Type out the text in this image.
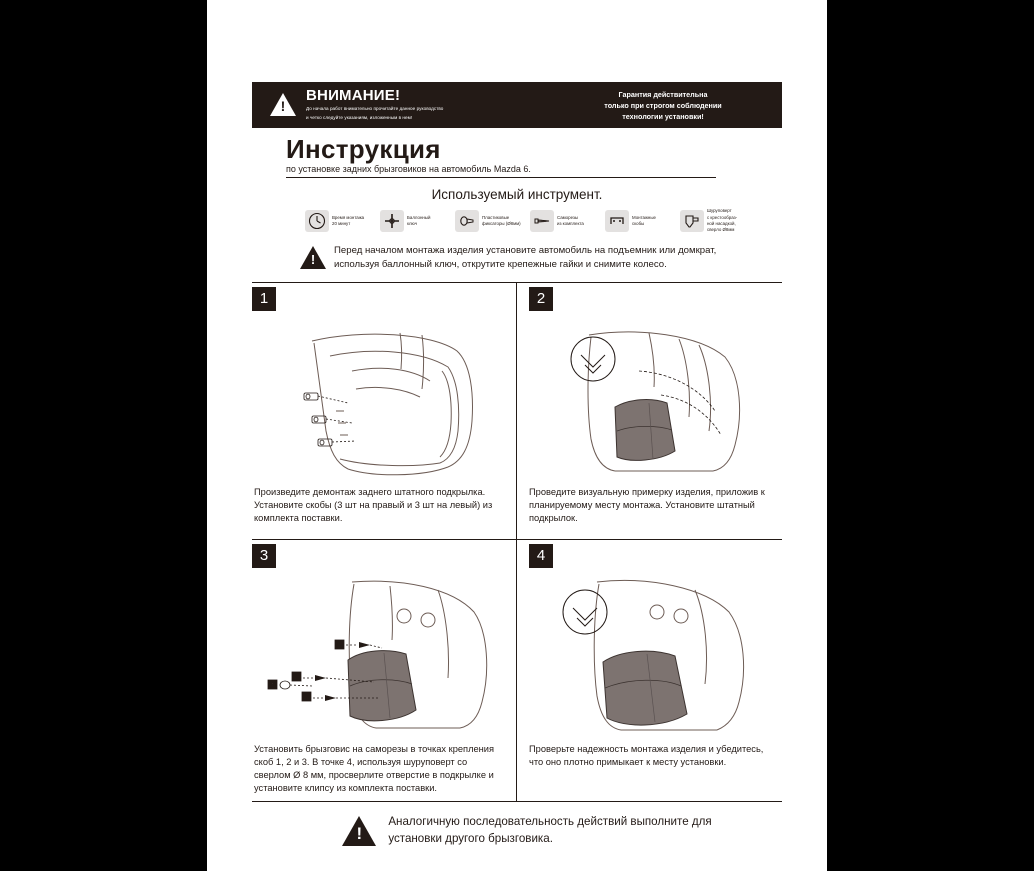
!
ВНИМАНИЕ!
До начала работ внимательно прочитайте данное руководство
и четко следуйте указаниям, изложенным в нем!
Гарантия действительна
только при строгом соблюдении
технологии установки!
Инструкция
по установке задних брызговиков на автомобиль Mazda 6.
Используемый инструмент.
Время монтажа
20 минут
Баллонный
ключ
Пластиковые
фиксаторы (Ø8мм)
Саморезы
из комплекта
Монтажные
скобы
Шуруповерт
с крестообраз-
ной насадкой,
сверло Ø8мм
!
Перед началом монтажа изделия установите автомобиль на подъемник или домкрат,
используя баллонный ключ, открутите крепежные гайки и снимите колесо.
1
Произведите демонтаж заднего штатного подкрылка. Установите скобы (3 шт на правый и 3 шт на левый) из комплекта поставки.
2
Проведите визуальную примерку изделия, приложив к планируемому месту монтажа. Установите штатный подкрылок.
3
1
2
3
4
Установить брызговис на саморезы в точках крепления скоб 1, 2 и 3. В точке 4, используя шуруповерт со сверлом Ø 8 мм, просверлите отверстие в подкрылке и установите клипсу из комплекта поставки.
4
Проверьте надежность монтажа изделия и убедитесь, что оно плотно примыкает к месту установки.
!
Аналогичную последовательность действий выполните для
установки другого брызговика.
